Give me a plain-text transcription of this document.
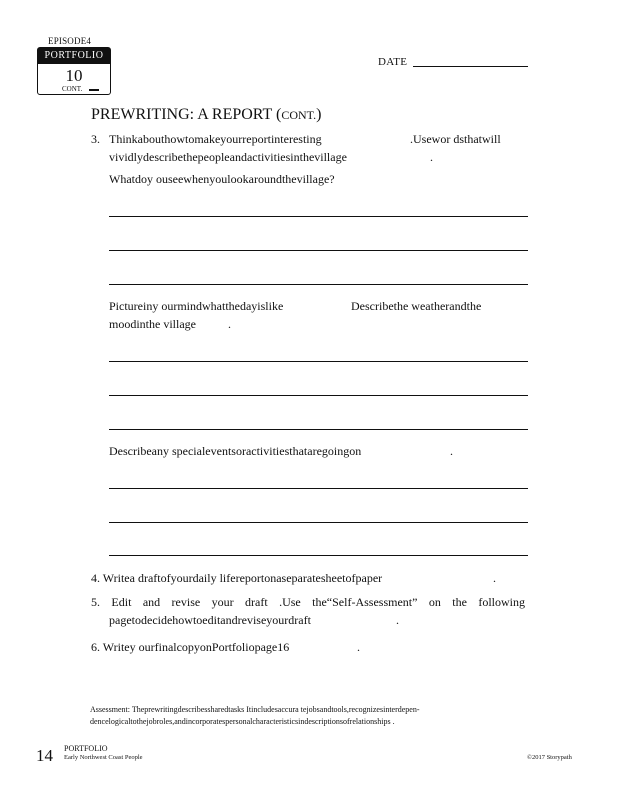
EPISODE4
PORTFOLIO
10
CONT.
DATE
PREWRITING: A REPORT (CONT.)
3. Thinkabouthowtomakeyourreportinteresting	.Usewor dsthatwill
vividlydescribethepeopleandactivitiesinthevillage	.
Whatdoy ouseewhenyoulookaroundthevillage?
Pictureiny ourmindwhatthedayislike	Describethe weatherandthe
moodinthe village	.
Describeany specialeventsoractivitiesthataregoingon	.
4. Writea draftofyourdaily lifereportonaseparatesheetofpaper	.
5. Edit and revise your draft .Use the“Self-Assessment” on the following
pagetodecidehowtoeditandreviseyourdraft	.
6. Writey ourfinalcopyonPortfoliopage16	.
Assessment: Theprewritingdescribessharedtasks Itincludesaccura tejobsandtools,recognizesinterdepen-
dencelogicaltothejobroles,andincorporatespersonalcharacteristicsindescriptionsofrelationships .
14 PORTFOLIO
Early Northwest Coast People	©2017 Storypath
